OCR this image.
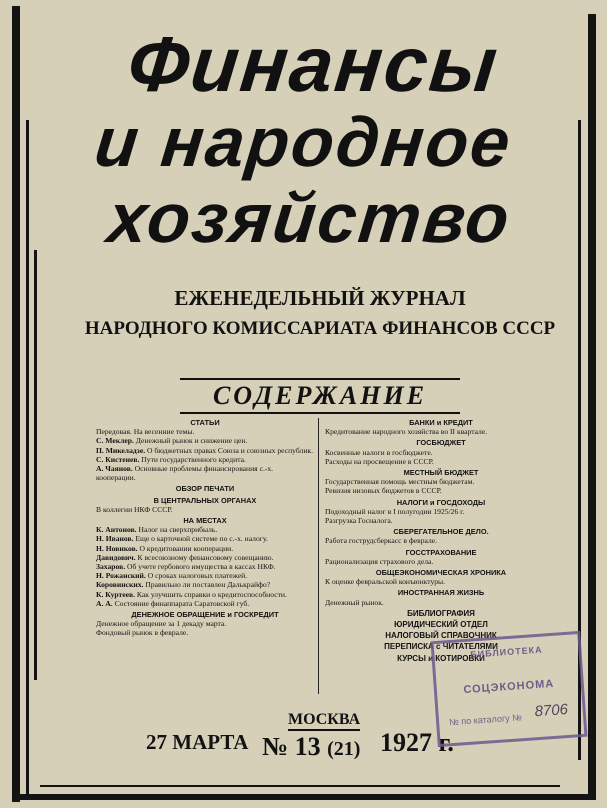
Финансы
и народное
хозяйство
ЕЖЕНЕДЕЛЬНЫЙ ЖУРНАЛ
НАРОДНОГО КОМИССАРИАТА ФИНАНСОВ СССР
СОДЕРЖАНИЕ
СТАТЬИ

Передовая. На весенние темы.

С. Меклер. Денежный рынок и снижение цен.

П. Микеладзе. О бюджетных правах Союза и союзных республик.

С. Кистенев. Пути государственного кредита.

А. Чаянов. Основные проблемы финансирования с.-х. кооперации.

ОБЗОР ПЕЧАТИ
В ЦЕНТРАЛЬНЫХ ОРГАНАХ

В коллегии НКФ СССР.

НА МЕСТАХ

К. Антонов. Налог на сверхприбыль.

Н. Иванов. Еще о карточной системе по с.-х. налогу.

Н. Новиков. О кредитовании кооперации.

Давидович. К всесоюзному финансовому совещанию.

Захаров. Об учете гербового имущества в кассах НКФ.

Н. Рожанский. О сроках налоговых платежей.

Коровинских. Правильно ли поставлен Далькрайфо?

К. Куртеев. Как улучшить справки о кредитоспособности.

А. А. Состояние финаппарата Саратовской губ.

ДЕНЕЖНОЕ ОБРАЩЕНИЕ и ГОСКРЕДИТ

Денежное обращение за 1 декаду марта.

Фондовый рынок в феврале.

БАНКИ и КРЕДИТ

Кредитование народного хозяйства во II квартале.

ГОСБЮДЖЕТ

Косвенные налоги в госбюджете.

Расходы на просвещение в СССР.

МЕСТНЫЙ БЮДЖЕТ

Государственная помощь местным бюджетам.

Ревизия низовых бюджетов в СССР.

НАЛОГИ и ГОСДОХОДЫ

Подоходный налог в I полугодии 1925/26 г.

Разгрузка Госналога.

СБЕРЕГАТЕЛЬНОЕ ДЕЛО.

Работа гострудсберкасс в феврале.

ГОССТРАХОВАНИЕ

Рационализация страхового дела.

ОБЩЕЭКОНОМИЧЕСКАЯ ХРОНИКА

К оценке февральской конъюнктуры.

ИНОСТРАННАЯ ЖИЗНЬ

Денежный рынок.

БИБЛИОГРАФИЯ
ЮРИДИЧЕСКИЙ ОТДЕЛ
НАЛОГОВЫЙ СПРАВОЧНИК
ПЕРЕПИСКА с ЧИТАТЕЛЯМИ
КУРСЫ и КОТИРОВКИ
27 МАРТА
МОСКВА
№ 13 (21) 1927 г.
БИБЛИОТЕКА
СОЦЭКОНОМА
№ по каталогу № 8706
